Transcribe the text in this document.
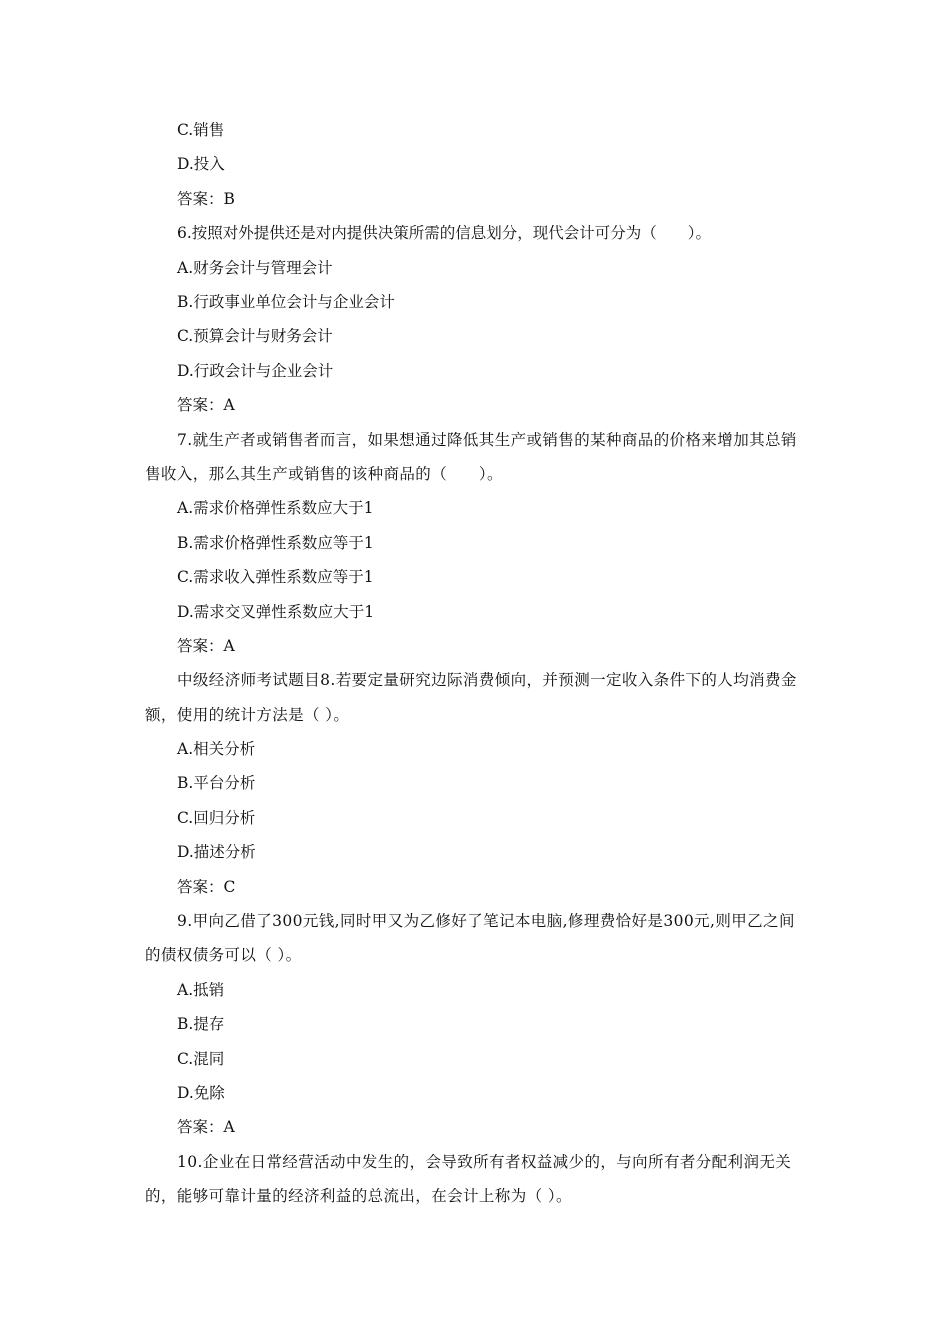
C.销售
D.投入
答案：B
6.按照对外提供还是对内提供决策所需的信息划分，现代会计可分为（　　）。
A.财务会计与管理会计
B.行政事业单位会计与企业会计
C.预算会计与财务会计
D.行政会计与企业会计
答案：A
7.就生产者或销售者而言，如果想通过降低其生产或销售的某种商品的价格来增加其总销售收入，那么其生产或销售的该种商品的（　　）。
A.需求价格弹性系数应大于1
B.需求价格弹性系数应等于1
C.需求收入弹性系数应等于1
D.需求交叉弹性系数应大于1
答案：A
中级经济师考试题目8.若要定量研究边际消费倾向，并预测一定收入条件下的人均消费金额，使用的统计方法是（ ）。
A.相关分析
B.平台分析
C.回归分析
D.描述分析
答案：C
9.甲向乙借了300元钱,同时甲又为乙修好了笔记本电脑,修理费恰好是300元,则甲乙之间的债权债务可以（ ）。
A.抵销
B.提存
C.混同
D.免除
答案：A
10.企业在日常经营活动中发生的，会导致所有者权益减少的，与向所有者分配利润无关的，能够可靠计量的经济利益的总流出，在会计上称为（ ）。
